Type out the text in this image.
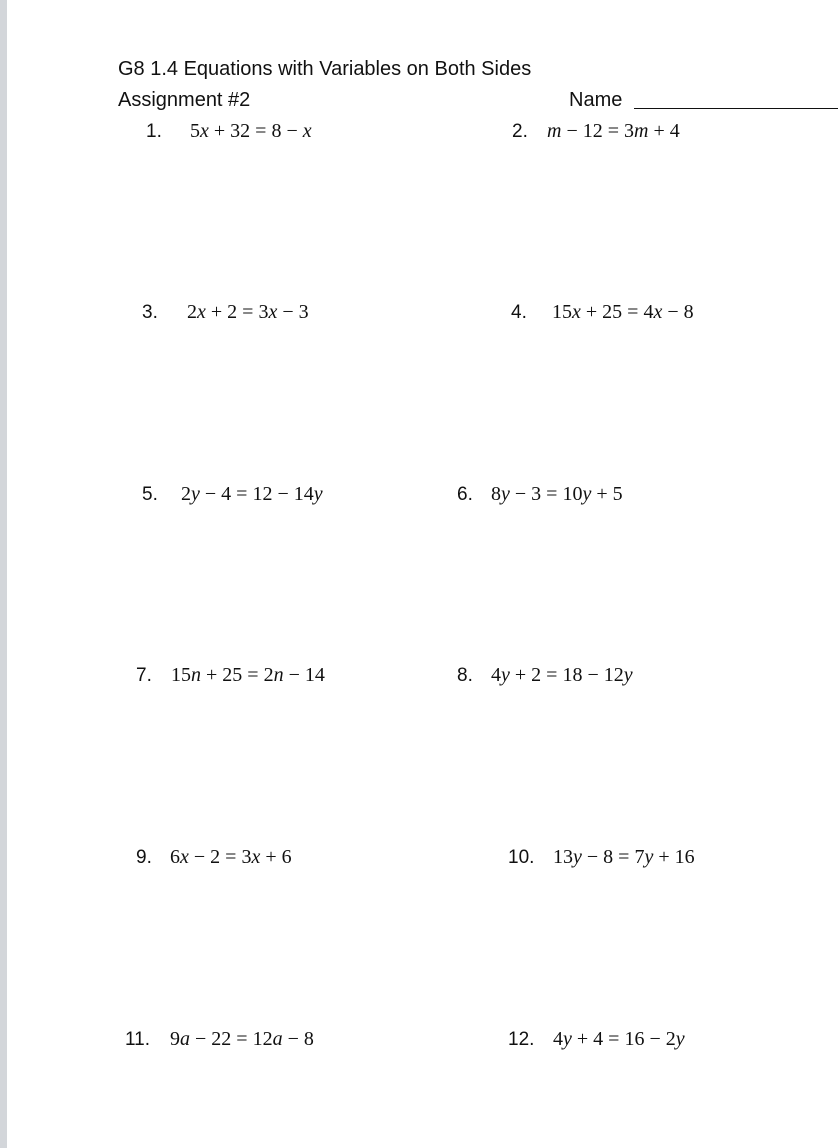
G8 1.4 Equations with Variables on Both Sides
Assignment #2	Name
1. 5x + 32 = 8 − x	2. m − 12 = 3m + 4
3. 2x + 2 = 3x − 3	4. 15x + 25 = 4x − 8
5. 2y − 4 = 12 − 14y	6. 8y − 3 = 10y + 5
7. 15n + 25 = 2n − 14	8. 4y + 2 = 18 − 12y
9. 6x − 2 = 3x + 6	10. 13y − 8 = 7y + 16
11. 9a − 22 = 12a − 8	12. 4y + 4 = 16 − 2y
